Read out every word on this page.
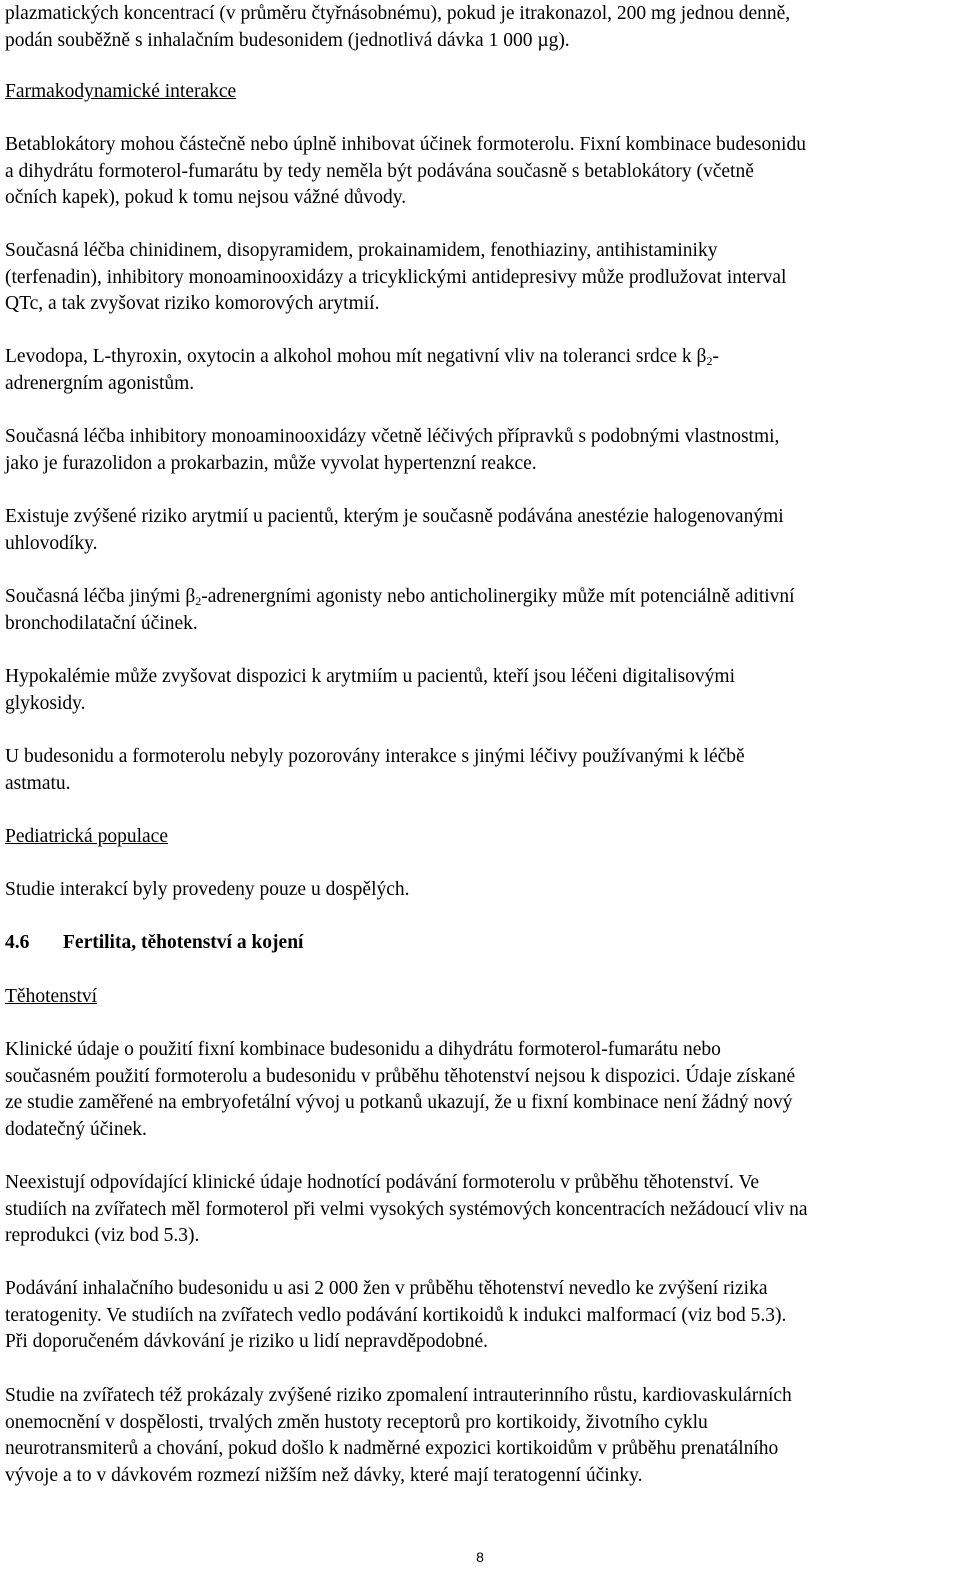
plazmatických koncentrací (v průměru čtyřnásobnému), pokud je itrakonazol, 200 mg jednou denně,
podán souběžně s inhalačním budesonidem (jednotlivá dávka 1 000 µg).

Farmakodynamické interakce

Betablokátory mohou částečně nebo úplně inhibovat účinek formoterolu. Fixní kombinace budesonidu
a dihydrátu formoterol-fumarátu by tedy neměla být podávána současně s betablokátory (včetně
očních kapek), pokud k tomu nejsou vážné důvody.

Současná léčba chinidinem, disopyramidem, prokainamidem, fenothiaziny, antihistaminiky
(terfenadin), inhibitory monoaminooxidázy a tricyklickými antidepresivy může prodlužovat interval
QTc, a tak zvyšovat riziko komorových arytmií.

Levodopa, L-thyroxin, oxytocin a alkohol mohou mít negativní vliv na toleranci srdce k $\beta_2-$
adrenergním agonistům.

Současná léčba inhibitory monoaminooxidázy včetně léčivých přípravků s podobnými vlastnostmi,
jako je furazolidon a prokarbazin, může vyvolat hypertenzní reakce.

Existuje zvýšené riziko arytmií u pacientů, kterým je současně podávána anestézie halogenovanými
uhlovodíky.

Současná léčba jinými $\beta_2$-adrenergními agonisty nebo anticholinergiky může mít potenciálně aditivní
bronchodilatační účinek.

Hypokalémie může zvyšovat dispozici k arytmiím u pacientů, kteří jsou léčeni digitalisovými
glykosidy.

U budesonidu a formoterolu nebyly pozorovány interakce s jinými léčivy používanými k léčbě
astmatu.

Pediatrická populace

Studie interakcí byly provedeny pouze u dospělých.

4.6 Fertilita, těhotenství a kojení

Těhotenství

Klinické údaje o použití fixní kombinace budesonidu a dihydrátu formoterol-fumarátu nebo
současném použití formoterolu a budesonidu v průběhu těhotenství nejsou k dispozici. Údaje získané
ze studie zaměřené na embryofetální vývoj u potkanů ukazují, že u fixní kombinace není žádný nový
dodatečný účinek.

Neexistují odpovídající klinické údaje hodnotící podávání formoterolu v průběhu těhotenství. Ve
studiích na zvířatech měl formoterol při velmi vysokých systémových koncentracích nežádoucí vliv na
reprodukci (viz bod 5.3).

Podávání inhalačního budesonidu u asi 2 000 žen v průběhu těhotenství nevedlo ke zvýšení rizika
teratogenity. Ve studiích na zvířatech vedlo podávání kortikoidů k indukci malformací (viz bod 5.3).
Při doporučeném dávkování je riziko u lidí nepravděpodobné.

Studie na zvířatech též prokázaly zvýšené riziko zpomalení intrauterinního růstu, kardiovaskulárních
onemocnění v dospělosti, trvalých změn hustoty receptorů pro kortikoidy, životního cyklu
neurotransmiterů a chování, pokud došlo k nadměrné expozici kortikoidům v průběhu prenatálního
vývoje a to v dávkovém rozmezí nižším než dávky, které mají teratogenní účinky.

8
